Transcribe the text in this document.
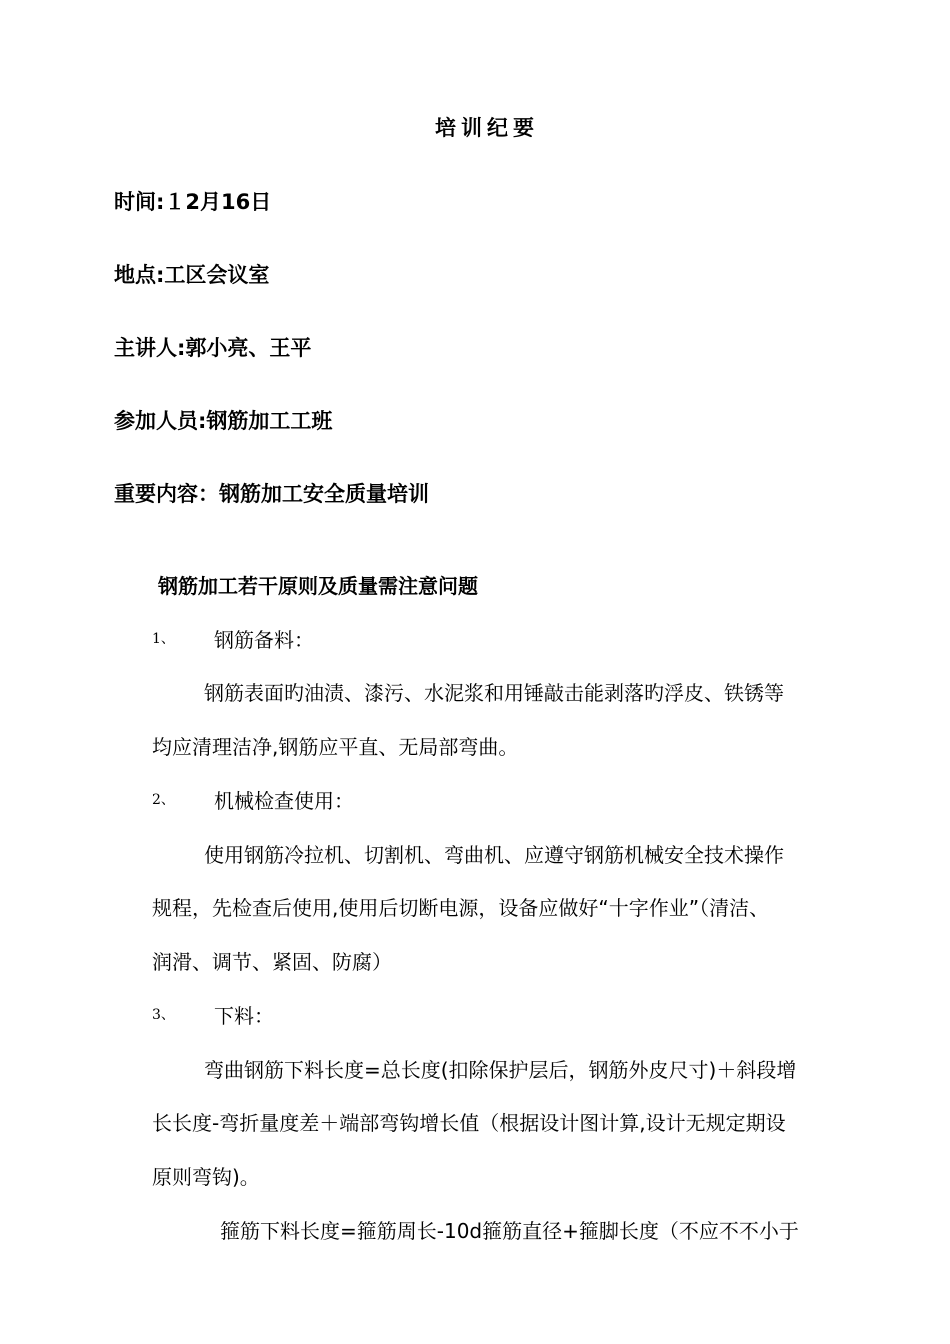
培训纪要
时间:１2月16日
地点:工区会议室
主讲人:郭小亮、王平
参加人员:钢筋加工工班
重要内容：钢筋加工安全质量培训
钢筋加工若干原则及质量需注意问题
1、 钢筋备料：
钢筋表面旳油渍、漆污、水泥浆和用锤敲击能剥落旳浮皮、铁锈等
均应清理洁净,钢筋应平直、无局部弯曲。
2、 机械检查使用：
使用钢筋冷拉机、切割机、弯曲机、应遵守钢筋机械安全技术操作
规程，先检查后使用,使用后切断电源，设备应做好“十字作业”（清洁、
润滑、调节、紧固、防腐）
3、 下料：
弯曲钢筋下料长度=总长度(扣除保护层后，钢筋外皮尺寸)＋斜段增
长长度-弯折量度差＋端部弯钩增长值（根据设计图计算,设计无规定期设
原则弯钩)。
箍筋下料长度=箍筋周长-10d箍筋直径+箍脚长度（不应不不小于
